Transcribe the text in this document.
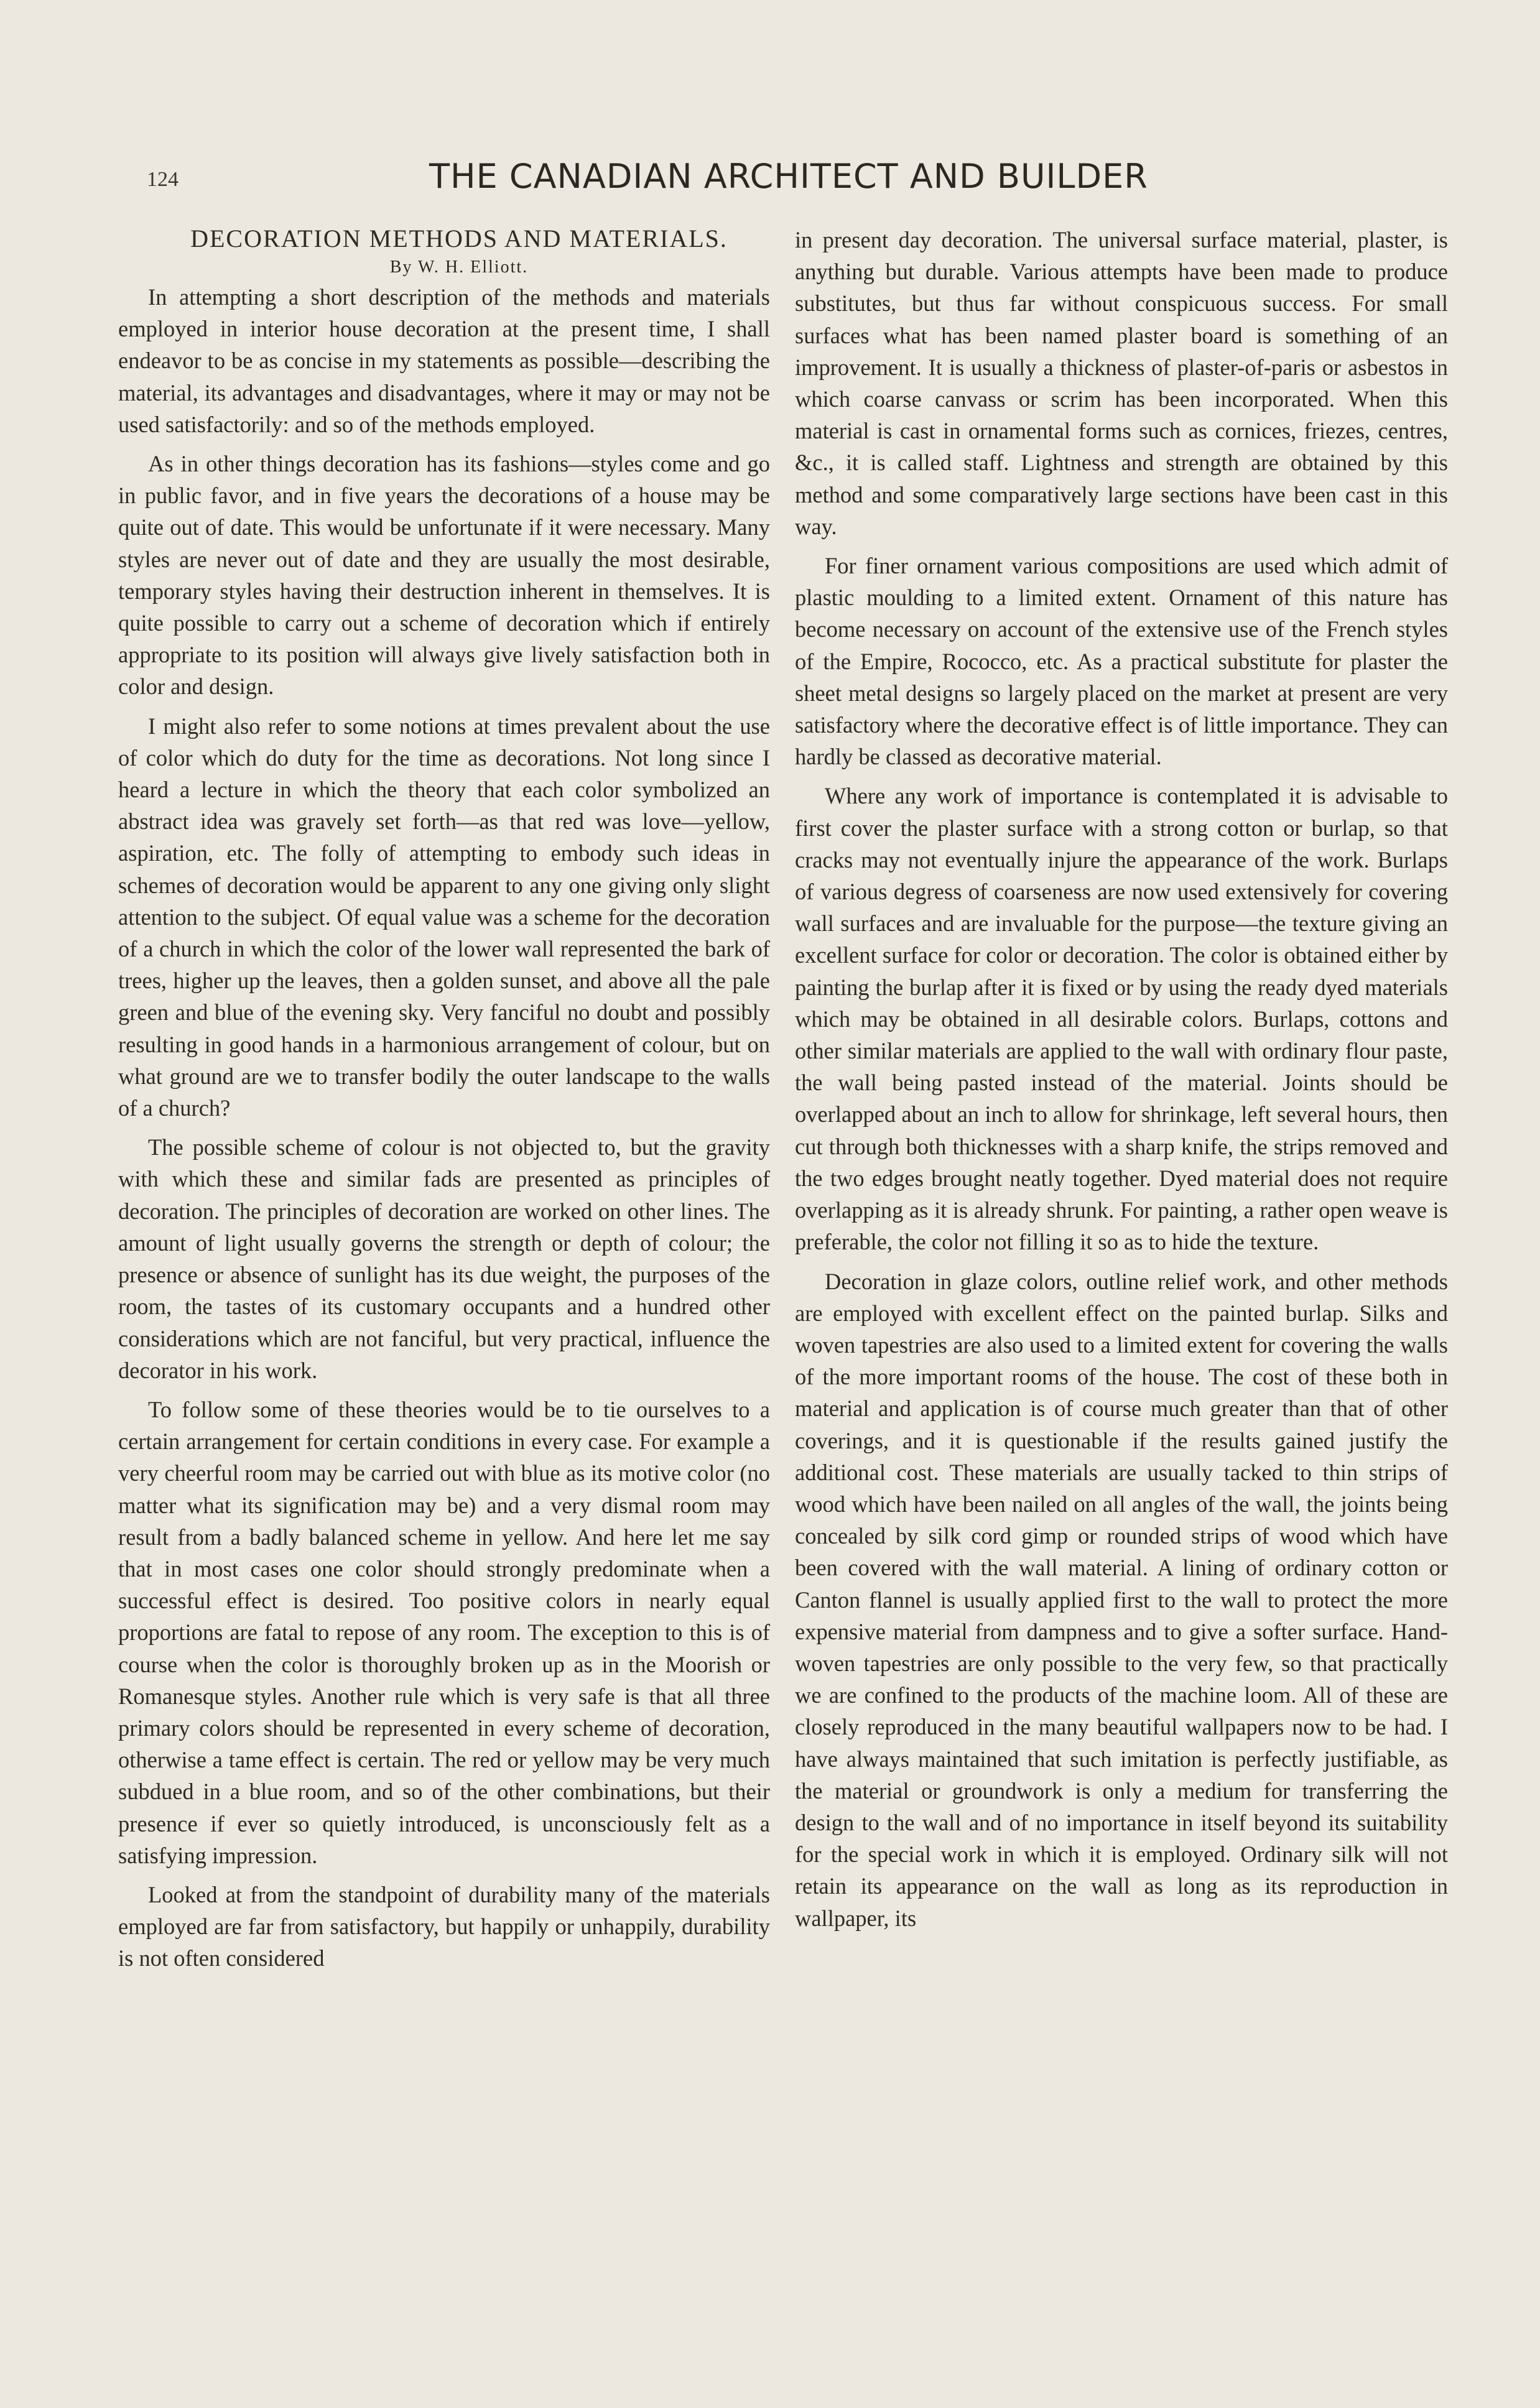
124	THE CANADIAN ARCHITECT AND BUILDER

DECORATION METHODS AND MATERIALS.

By W. H. Elliott.

In attempting a short description of the methods and materials employed in interior house decoration at the present time, I shall endeavor to be as concise in my statements as possible—describing the material, its advantages and disadvantages, where it may or may not be used satisfactorily: and so of the methods employed.

As in other things decoration has its fashions—styles come and go in public favor, and in five years the decorations of a house may be quite out of date. This would be unfortunate if it were necessary. Many styles are never out of date and they are usually the most desirable, temporary styles having their destruction inherent in themselves. It is quite possible to carry out a scheme of decoration which if entirely appropriate to its position will always give lively satisfaction both in color and design.

I might also refer to some notions at times prevalent about the use of color which do duty for the time as decorations. Not long since I heard a lecture in which the theory that each color symbolized an abstract idea was gravely set forth—as that red was love—yellow, aspiration, etc. The folly of attempting to embody such ideas in schemes of decoration would be apparent to any one giving only slight attention to the subject. Of equal value was a scheme for the decoration of a church in which the color of the lower wall represented the bark of trees, higher up the leaves, then a golden sunset, and above all the pale green and blue of the evening sky. Very fanciful no doubt and possibly resulting in good hands in a harmonious arrangement of colour, but on what ground are we to transfer bodily the outer landscape to the walls of a church?

The possible scheme of colour is not objected to, but the gravity with which these and similar fads are presented as principles of decoration. The principles of decoration are worked on other lines. The amount of light usually governs the strength or depth of colour; the presence or absence of sunlight has its due weight, the purposes of the room, the tastes of its customary occupants and a hundred other considerations which are not fanciful, but very practical, influence the decorator in his work.

To follow some of these theories would be to tie ourselves to a certain arrangement for certain conditions in every case. For example a very cheerful room may be carried out with blue as its motive color (no matter what its signification may be) and a very dismal room may result from a badly balanced scheme in yellow. And here let me say that in most cases one color should strongly predominate when a successful effect is desired. Too positive colors in nearly equal proportions are fatal to repose of any room. The exception to this is of course when the color is thoroughly broken up as in the Moorish or Romanesque styles. Another rule which is very safe is that all three primary colors should be represented in every scheme of decoration, otherwise a tame effect is certain. The red or yellow may be very much subdued in a blue room, and so of the other combinations, but their presence if ever so quietly introduced, is unconsciously felt as a satisfying impression.

Looked at from the standpoint of durability many of the materials employed are far from satisfactory, but happily or unhappily, durability is not often considered

in present day decoration. The universal surface material, plaster, is anything but durable. Various attempts have been made to produce substitutes, but thus far without conspicuous success. For small surfaces what has been named plaster board is something of an improvement. It is usually a thickness of plaster-of-paris or asbestos in which coarse canvass or scrim has been incorporated. When this material is cast in ornamental forms such as cornices, friezes, centres, &c., it is called staff. Lightness and strength are obtained by this method and some comparatively large sections have been cast in this way.

For finer ornament various compositions are used which admit of plastic moulding to a limited extent. Ornament of this nature has become necessary on account of the extensive use of the French styles of the Empire, Rococco, etc. As a practical substitute for plaster the sheet metal designs so largely placed on the market at present are very satisfactory where the decorative effect is of little importance. They can hardly be classed as decorative material.

Where any work of importance is contemplated it is advisable to first cover the plaster surface with a strong cotton or burlap, so that cracks may not eventually injure the appearance of the work. Burlaps of various degress of coarseness are now used extensively for covering wall surfaces and are invaluable for the purpose—the texture giving an excellent surface for color or decoration. The color is obtained either by painting the burlap after it is fixed or by using the ready dyed materials which may be obtained in all desirable colors. Burlaps, cottons and other similar materials are applied to the wall with ordinary flour paste, the wall being pasted instead of the material. Joints should be overlapped about an inch to allow for shrinkage, left several hours, then cut through both thicknesses with a sharp knife, the strips removed and the two edges brought neatly together. Dyed material does not require overlapping as it is already shrunk. For painting, a rather open weave is preferable, the color not filling it so as to hide the texture.

Decoration in glaze colors, outline relief work, and other methods are employed with excellent effect on the painted burlap. Silks and woven tapestries are also used to a limited extent for covering the walls of the more important rooms of the house. The cost of these both in material and application is of course much greater than that of other coverings, and it is questionable if the results gained justify the additional cost. These materials are usually tacked to thin strips of wood which have been nailed on all angles of the wall, the joints being concealed by silk cord gimp or rounded strips of wood which have been covered with the wall material. A lining of ordinary cotton or Canton flannel is usually applied first to the wall to protect the more expensive material from dampness and to give a softer surface. Hand-woven tapestries are only possible to the very few, so that practically we are confined to the products of the machine loom. All of these are closely reproduced in the many beautiful wallpapers now to be had. I have always maintained that such imitation is perfectly justifiable, as the material or groundwork is only a medium for transferring the design to the wall and of no importance in itself beyond its suitability for the special work in which it is employed. Ordinary silk will not retain its appearance on the wall as long as its reproduction in wallpaper, its
